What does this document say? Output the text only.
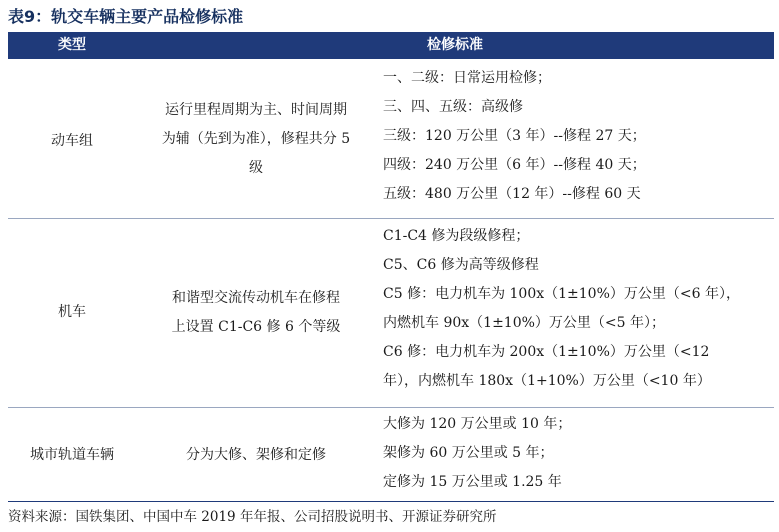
表9：轨交车辆主要产品检修标准
类型	检修标准
动车组
运行里程周期为主、时间周期
为辅（先到为准），修程共分 5
级
一、二级：日常运用检修；
三、四、五级：高级修
三级：120 万公里（3 年）--修程 27 天；
四级：240 万公里（6 年）--修程 40 天；
五级：480 万公里（12 年）--修程 60 天
机车
和谐型交流传动机车在修程
上设置 C1-C6 修 6 个等级
C1-C4 修为段级修程；
C5、C6 修为高等级修程
C5 修：电力机车为 100x（1±10%）万公里（<6 年），
内燃机车 90x（1±10%）万公里（<5 年）；
C6 修：电力机车为 200x（1±10%）万公里（<12
年），内燃机车 180x（1+10%）万公里（<10 年）
城市轨道车辆	分为大修、架修和定修
大修为 120 万公里或 10 年；
架修为 60 万公里或 5 年；
定修为 15 万公里或 1.25 年
资料来源：国铁集团、中国中车 2019 年年报、公司招股说明书、开源证券研究所
